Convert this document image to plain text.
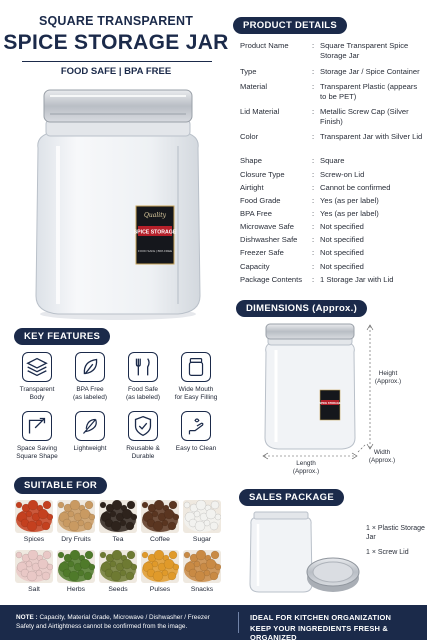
SQUARE TRANSPARENT
SPICE STORAGE JAR
FOOD SAFE | BPA FREE
Quality
SPICE STORAGE
FOOD SAFE | BPA FREE
PRODUCT DETAILS
Product Name	: Square Transparent Spice Storage Jar
Type	: Storage Jar / Spice Container
Material	: Transparent Plastic (appears to be PET)
Lid Material	: Metallic Screw Cap (Silver Finish)
Color	: Transparent Jar with Silver Lid
Shape	: Square
Closure Type	: Screw-on Lid
Airtight	: Cannot be confirmed
Food Grade	: Yes (as per label)
BPA Free	: Yes (as per label)
Microwave Safe	: Not specified
Dishwasher Safe	: Not specified
Freezer Safe	: Not specified
Capacity	: Not specified
Package Contents	: 1 Storage Jar with Lid
DIMENSIONS (Approx.)
SPICE STORAGE
Height
(Approx.)
Length
(Approx.)
Width
(Approx.)
KEY FEATURES
Transparent
Body
BPA Free
(as labeled)
Food Safe
(as labeled)
Wide Mouth
for Easy Filling
Space Saving
Square Shape
Lightweight	Reusable &
Durable
Easy to Clean
SUITABLE FOR
Spices	Dry Fruits	Tea	Coffee	Sugar
Salt	Herbs	Seeds	Pulses	Snacks
SALES PACKAGE
1 × Plastic Storage Jar
1 × Screw Lid
NOTE : Capacity, Material Grade, Microwave / Dishwasher / Freezer Safety and Airtightness cannot be confirmed from the image.
IDEAL FOR KITCHEN ORGANIZATION
KEEP YOUR INGREDIENTS FRESH & ORGANIZED
